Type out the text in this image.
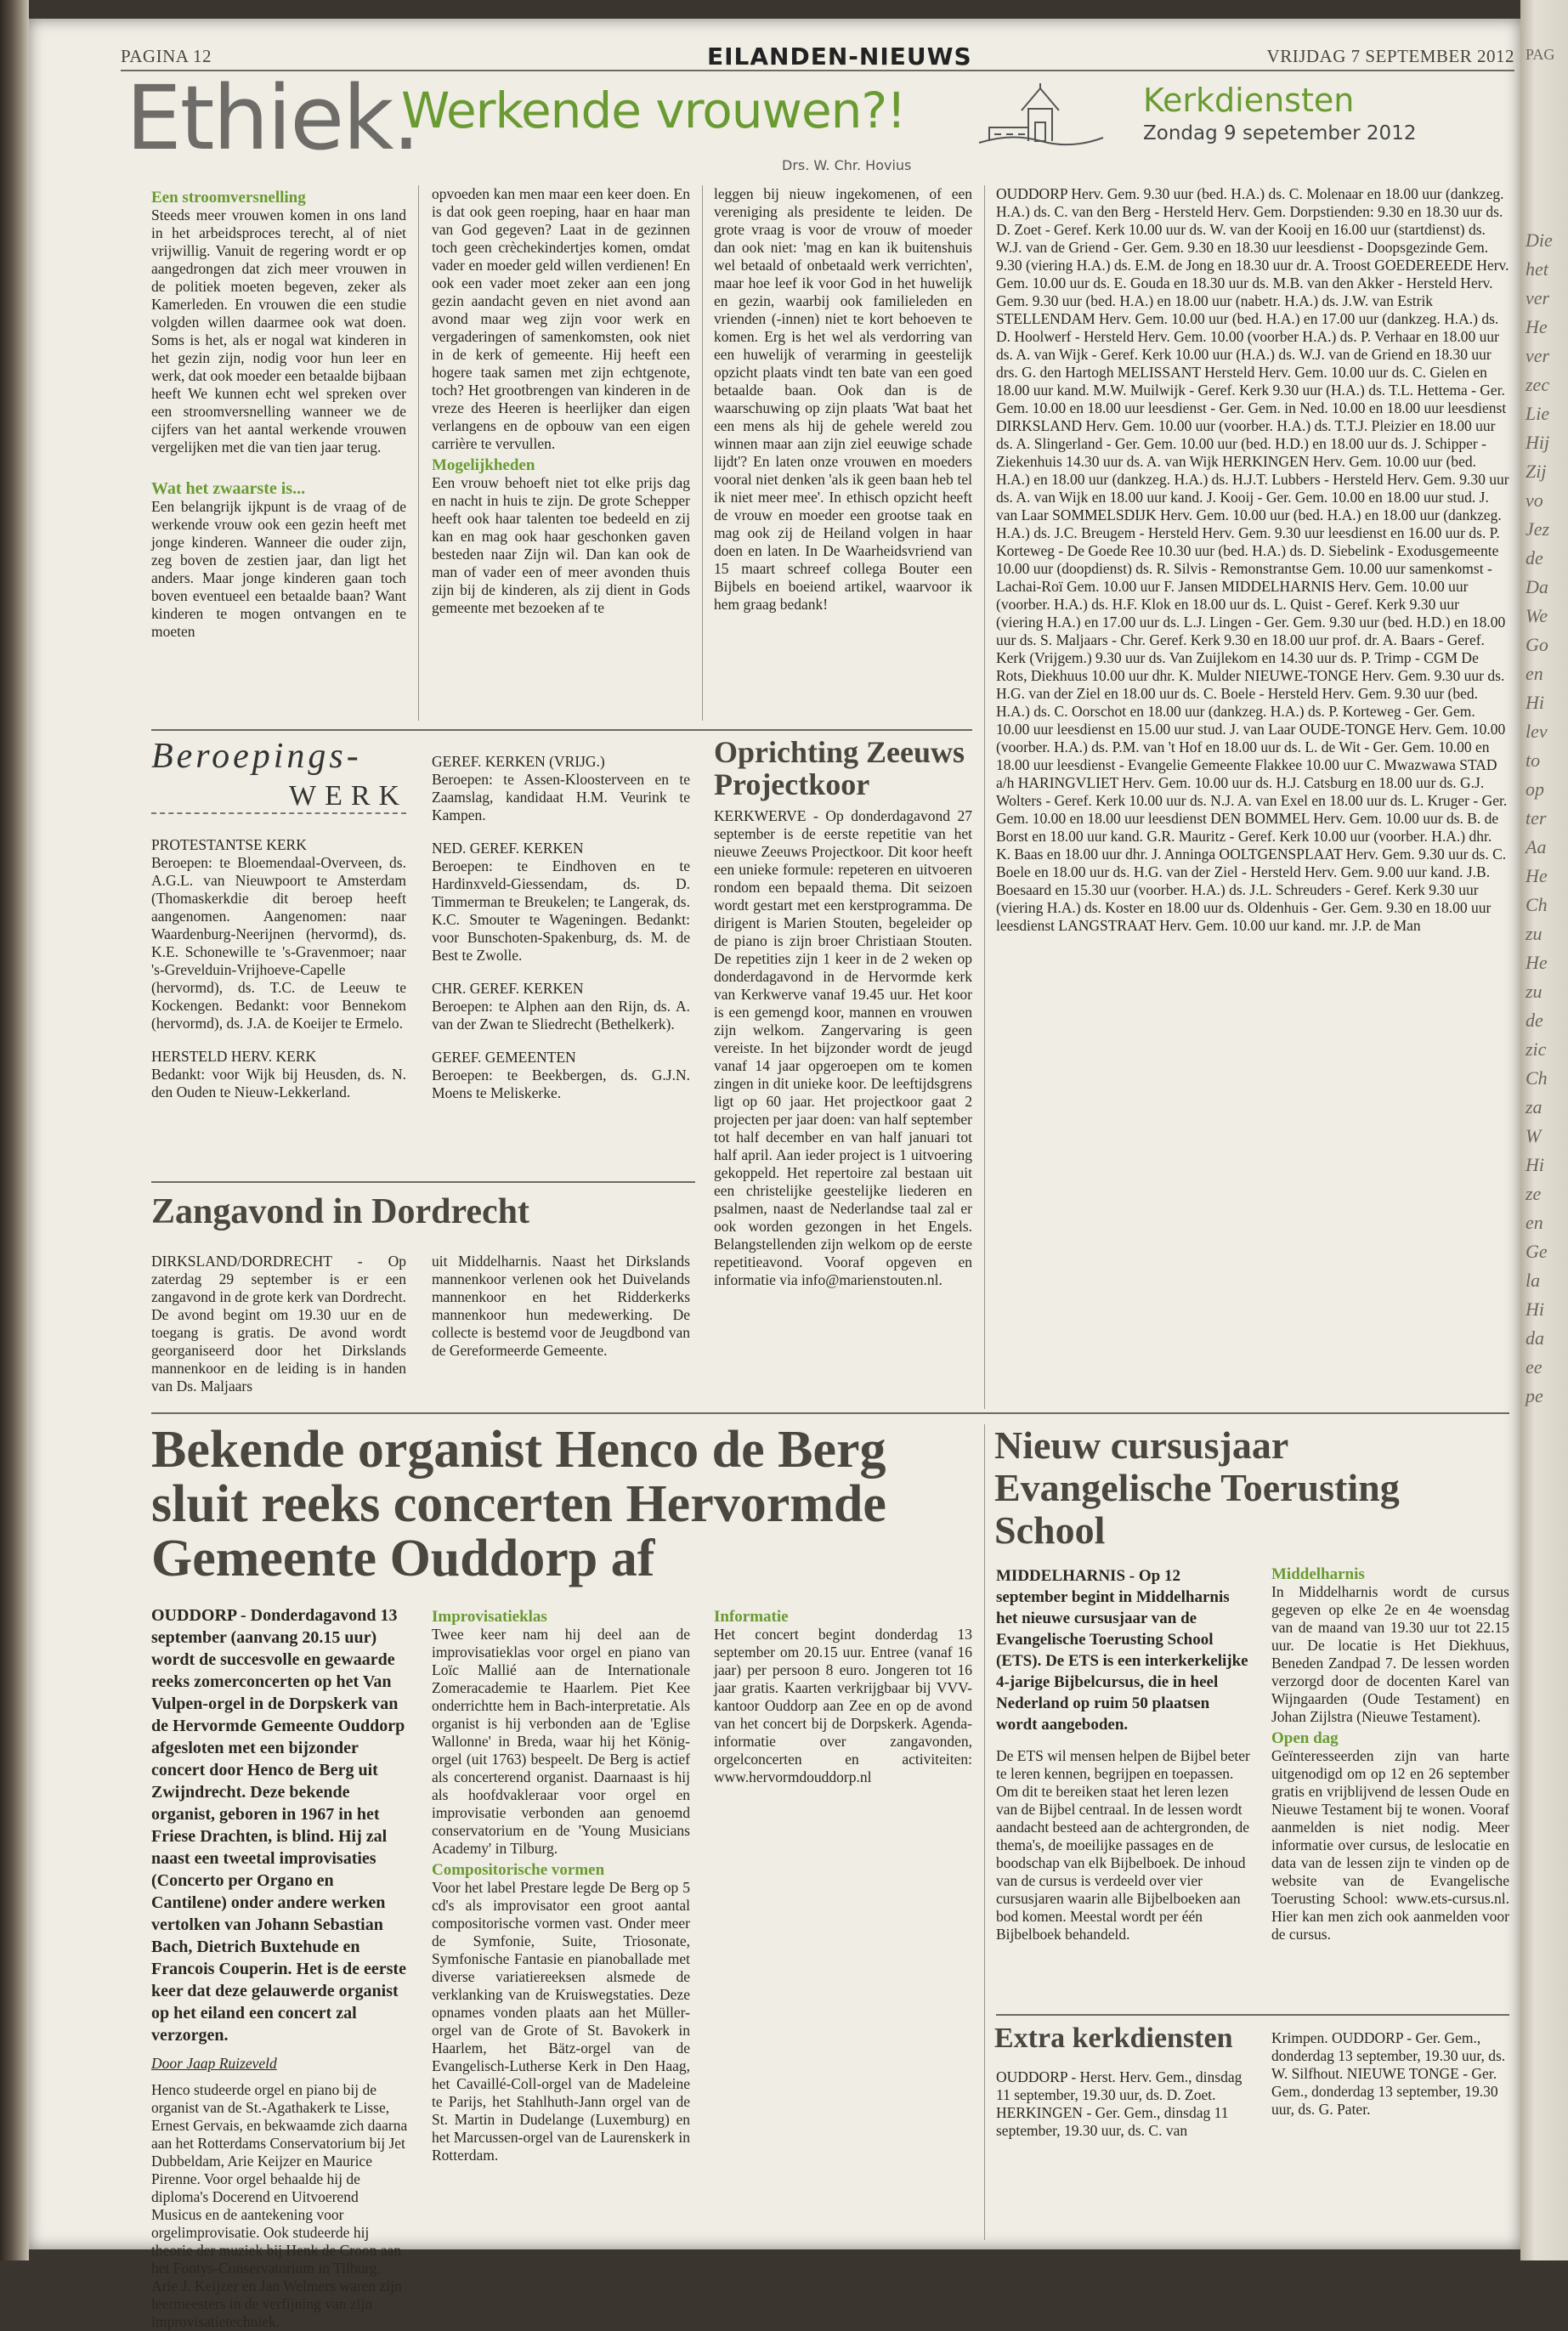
PAG
Die
het
ver
He
ver
zec
Lie
Hij
Zij
vo
Jez
de
Da
We
Go
en
Hi
lev
to
op
ter
Aa
He
Ch
zu
He
zu
de
zic
Ch
za
W
Hi
ze
en
Ge
la
Hi
da
ee
pe
PAGINA 12	EILANDEN-NIEUWS	VRIJDAG 7 SEPTEMBER 2012
Ethiek.
Werkende vrouwen?!
Drs. W. Chr. Hovius
Kerkdiensten
Zondag 9 sepetember 2012
Een stroomversnelling

Steeds meer vrouwen komen in ons land in het arbeidsproces terecht, al of niet vrijwillig. Vanuit de regering wordt er op aangedrongen dat zich meer vrouwen in de politiek moeten begeven, zeker als Kamerleden. En vrouwen die een studie volgden willen daarmee ook wat doen. Soms is het, als er nogal wat kinderen in het gezin zijn, nodig voor hun leer en werk, dat ook moeder een betaalde bijbaan heeft We kunnen echt wel spreken over een stroomversnelling wanneer we de cijfers van het aantal werkende vrouwen vergelijken met die van tien jaar terug.

Wat het zwaarste is...

Een belangrijk ijkpunt is de vraag of de werkende vrouw ook een gezin heeft met jonge kinderen. Wanneer die ouder zijn, zeg boven de zestien jaar, dan ligt het anders. Maar jonge kinderen gaan toch boven eventueel een betaalde baan? Want kinderen te mogen ontvangen en te moeten

opvoeden kan men maar een keer doen. En is dat ook geen roeping, haar en haar man van God gegeven? Laat in de gezinnen toch geen crèchekindertjes komen, omdat vader en moeder geld willen verdienen! En ook een vader moet zeker aan een jong gezin aandacht geven en niet avond aan avond maar weg zijn voor werk en vergaderingen of samenkomsten, ook niet in de kerk of gemeente. Hij heeft een hogere taak samen met zijn echtgenote, toch? Het grootbrengen van kinderen in de vreze des Heeren is heerlijker dan eigen verlangens en de opbouw van een eigen carrière te vervullen.

Mogelijkheden

Een vrouw behoeft niet tot elke prijs dag en nacht in huis te zijn. De grote Schepper heeft ook haar talenten toe bedeeld en zij kan en mag ook haar geschonken gaven besteden naar Zijn wil. Dan kan ook de man of vader een of meer avonden thuis zijn bij de kinderen, als zij dient in Gods gemeente met bezoeken af te

leggen bij nieuw ingekomenen, of een vereniging als presidente te leiden. De grote vraag is voor de vrouw of moeder dan ook niet: 'mag en kan ik buitenshuis wel betaald of onbetaald werk verrichten', maar hoe leef ik voor God in het huwelijk en gezin, waarbij ook familieleden en vrienden (-innen) niet te kort behoeven te komen. Erg is het wel als verdorring van een huwelijk of verarming in geestelijk opzicht plaats vindt ten bate van een goed betaalde baan. Ook dan is de waarschuwing op zijn plaats 'Wat baat het een mens als hij de gehele wereld zou winnen maar aan zijn ziel eeuwige schade lijdt'? En laten onze vrouwen en moeders vooral niet denken 'als ik geen baan heb tel ik niet meer mee'. In ethisch opzicht heeft de vrouw en moeder een grootse taak en mag ook zij de Heiland volgen in haar doen en laten. In De Waarheidsvriend van 15 maart schreef collega Bouter een Bijbels en boeiend artikel, waarvoor ik hem graag bedank!

Beroepings-
WERK
PROTESTANTSE KERK

Beroepen: te Bloemendaal-Overveen, ds. A.G.L. van Nieuwpoort te Amsterdam (Thomaskerkdie dit beroep heeft aangenomen. Aangenomen: naar Waardenburg-Neerijnen (hervormd), ds. K.E. Schonewille te 's-Gravenmoer; naar 's-Grevelduin-Vrijhoeve-Capelle (hervormd), ds. T.C. de Leeuw te Kockengen. Bedankt: voor Bennekom (hervormd), ds. J.A. de Koeijer te Ermelo.

HERSTELD HERV. KERK

Bedankt: voor Wijk bij Heusden, ds. N. den Ouden te Nieuw-Lekkerland.

GEREF. KERKEN (VRIJG.)

Beroepen: te Assen-Kloosterveen en te Zaamslag, kandidaat H.M. Veurink te Kampen.

NED. GEREF. KERKEN

Beroepen: te Eindhoven en te Hardinxveld-Giessendam, ds. D. Timmerman te Breukelen; te Langerak, ds. K.C. Smouter te Wageningen. Bedankt: voor Bunschoten-Spakenburg, ds. M. de Best te Zwolle.

CHR. GEREF. KERKEN

Beroepen: te Alphen aan den Rijn, ds. A. van der Zwan te Sliedrecht (Bethelkerk).

GEREF. GEMEENTEN

Beroepen: te Beekbergen, ds. G.J.N. Moens te Meliskerke.

Oprichting Zeeuws Projectkoor

KERKWERVE - Op donderdagavond 27 september is de eerste repetitie van het nieuwe Zeeuws Projectkoor. Dit koor heeft een unieke formule: repeteren en uitvoeren rondom een bepaald thema. Dit seizoen wordt gestart met een kerstprogramma. De dirigent is Marien Stouten, begeleider op de piano is zijn broer Christiaan Stouten. De repetities zijn 1 keer in de 2 weken op donderdagavond in de Hervormde kerk van Kerkwerve vanaf 19.45 uur. Het koor is een gemengd koor, mannen en vrouwen zijn welkom. Zangervaring is geen vereiste. In het bijzonder wordt de jeugd vanaf 14 jaar opgeroepen om te komen zingen in dit unieke koor. De leeftijdsgrens ligt op 60 jaar. Het projectkoor gaat 2 projecten per jaar doen: van half september tot half december en van half januari tot half april. Aan ieder project is 1 uitvoering gekoppeld. Het repertoire zal bestaan uit een christelijke geestelijke liederen en psalmen, naast de Nederlandse taal zal er ook worden gezongen in het Engels. Belangstellenden zijn welkom op de eerste repetitieavond. Vooraf opgeven en informatie via info@marienstouten.nl.

Zangavond in Dordrecht

DIRKSLAND/DORDRECHT - Op zaterdag 29 september is er een zangavond in de grote kerk van Dordrecht. De avond begint om 19.30 uur en de toegang is gratis. De avond wordt georganiseerd door het Dirkslands mannenkoor en de leiding is in handen van Ds. Maljaars

uit Middelharnis. Naast het Dirkslands mannenkoor verlenen ook het Duivelands mannenkoor en het Ridderkerks mannenkoor hun medewerking. De collecte is bestemd voor de Jeugdbond van de Gereformeerde Gemeente.

OUDDORP Herv. Gem. 9.30 uur (bed. H.A.) ds. C. Molenaar en 18.00 uur (dankzeg. H.A.) ds. C. van den Berg - Hersteld Herv. Gem. Dorpstienden: 9.30 en 18.30 uur ds. D. Zoet - Geref. Kerk 10.00 uur ds. W. van der Kooij en 16.00 uur (startdienst) ds. W.J. van de Griend - Ger. Gem. 9.30 en 18.30 uur leesdienst - Doopsgezinde Gem. 9.30 (viering H.A.) ds. E.M. de Jong en 18.30 uur dr. A. Troost GOEDEREEDE Herv. Gem. 10.00 uur ds. E. Gouda en 18.30 uur ds. M.B. van den Akker - Hersteld Herv. Gem. 9.30 uur (bed. H.A.) en 18.00 uur (nabetr. H.A.) ds. J.W. van Estrik STELLENDAM Herv. Gem. 10.00 uur (bed. H.A.) en 17.00 uur (dankzeg. H.A.) ds. D. Hoolwerf - Hersteld Herv. Gem. 10.00 (voorber H.A.) ds. P. Verhaar en 18.00 uur ds. A. van Wijk - Geref. Kerk 10.00 uur (H.A.) ds. W.J. van de Griend en 18.30 uur drs. G. den Hartogh MELISSANT Hersteld Herv. Gem. 10.00 uur ds. C. Gielen en 18.00 uur kand. M.W. Muilwijk - Geref. Kerk 9.30 uur (H.A.) ds. T.L. Hettema - Ger. Gem. 10.00 en 18.00 uur leesdienst - Ger. Gem. in Ned. 10.00 en 18.00 uur leesdienst DIRKSLAND Herv. Gem. 10.00 uur (voorber. H.A.) ds. T.T.J. Pleizier en 18.00 uur ds. A. Slingerland - Ger. Gem. 10.00 uur (bed. H.D.) en 18.00 uur ds. J. Schipper - Ziekenhuis 14.30 uur ds. A. van Wijk HERKINGEN Herv. Gem. 10.00 uur (bed. H.A.) en 18.00 uur (dankzeg. H.A.) ds. H.J.T. Lubbers - Hersteld Herv. Gem. 9.30 uur ds. A. van Wijk en 18.00 uur kand. J. Kooij - Ger. Gem. 10.00 en 18.00 uur stud. J. van Laar SOMMELSDIJK Herv. Gem. 10.00 uur (bed. H.A.) en 18.00 uur (dankzeg. H.A.) ds. J.C. Breugem - Hersteld Herv. Gem. 9.30 uur leesdienst en 16.00 uur ds. P. Korteweg - De Goede Ree 10.30 uur (bed. H.A.) ds. D. Siebelink - Exodusgemeente 10.00 uur (doopdienst) ds. R. Silvis - Remonstrantse Gem. 10.00 uur samenkomst - Lachai-Roï Gem. 10.00 uur F. Jansen MIDDELHARNIS Herv. Gem. 10.00 uur (voorber. H.A.) ds. H.F. Klok en 18.00 uur ds. L. Quist - Geref. Kerk 9.30 uur (viering H.A.) en 17.00 uur ds. L.J. Lingen - Ger. Gem. 9.30 uur (bed. H.D.) en 18.00 uur ds. S. Maljaars - Chr. Geref. Kerk 9.30 en 18.00 uur prof. dr. A. Baars - Geref. Kerk (Vrijgem.) 9.30 uur ds. Van Zuijlekom en 14.30 uur ds. P. Trimp - CGM De Rots, Diekhuus 10.00 uur dhr. K. Mulder NIEUWE-TONGE Herv. Gem. 9.30 uur ds. H.G. van der Ziel en 18.00 uur ds. C. Boele - Hersteld Herv. Gem. 9.30 uur (bed. H.A.) ds. C. Oorschot en 18.00 uur (dankzeg. H.A.) ds. P. Korteweg - Ger. Gem. 10.00 uur leesdienst en 15.00 uur stud. J. van Laar OUDE-TONGE Herv. Gem. 10.00 (voorber. H.A.) ds. P.M. van 't Hof en 18.00 uur ds. L. de Wit - Ger. Gem. 10.00 en 18.00 uur leesdienst - Evangelie Gemeente Flakkee 10.00 uur C. Mwazwawa STAD a/h HARINGVLIET Herv. Gem. 10.00 uur ds. H.J. Catsburg en 18.00 uur ds. G.J. Wolters - Geref. Kerk 10.00 uur ds. N.J. A. van Exel en 18.00 uur ds. L. Kruger - Ger. Gem. 10.00 en 18.00 uur leesdienst DEN BOMMEL Herv. Gem. 10.00 uur ds. B. de Borst en 18.00 uur kand. G.R. Mauritz - Geref. Kerk 10.00 uur (voorber. H.A.) dhr. K. Baas en 18.00 uur dhr. J. Anninga OOLTGENSPLAAT Herv. Gem. 9.30 uur ds. C. Boele en 18.00 uur ds. H.G. van der Ziel - Hersteld Herv. Gem. 9.00 uur kand. J.B. Boesaard en 15.30 uur (voorber. H.A.) ds. J.L. Schreuders - Geref. Kerk 9.30 uur (viering H.A.) ds. Koster en 18.00 uur ds. Oldenhuis - Ger. Gem. 9.30 en 18.00 uur leesdienst LANGSTRAAT Herv. Gem. 10.00 uur kand. mr. J.P. de Man

Bekende organist Henco de Berg sluit reeks concerten Hervormde Gemeente Ouddorp af

OUDDORP - Donderdagavond 13 september (aanvang 20.15 uur) wordt de succesvolle en gewaarde reeks zomerconcerten op het Van Vulpen-orgel in de Dorpskerk van de Hervormde Gemeente Ouddorp afgesloten met een bijzonder concert door Henco de Berg uit Zwijndrecht. Deze bekende organist, geboren in 1967 in het Friese Drachten, is blind. Hij zal naast een tweetal improvisaties (Concerto per Organo en Cantilene) onder andere werken vertolken van Johann Sebastian Bach, Dietrich Buxtehude en Francois Couperin. Het is de eerste keer dat deze gelauwerde organist op het eiland een concert zal verzorgen.

Door Jaap Ruizeveld

Henco studeerde orgel en piano bij de organist van de St.-Agathakerk te Lisse, Ernest Gervais, en bekwaamde zich daarna aan het Rotterdams Conservatorium bij Jet Dubbeldam, Arie Keijzer en Maurice Pirenne. Voor orgel behaalde hij de diploma's Docerend en Uitvoerend Musicus en de aantekening voor orgelimprovisatie. Ook studeerde hij theorie der muziek bij Henk de Croon aan het Fontys-Conservatorium in Tilburg. Arie J. Keijzer en Jan Welmers waren zijn leermeesters in de verfijning van zijn improvisatietechniek.

Improvisatieklas

Twee keer nam hij deel aan de improvisatieklas voor orgel en piano van Loïc Mallié aan de Internationale Zomeracademie te Haarlem. Piet Kee onderrichtte hem in Bach-interpretatie. Als organist is hij verbonden aan de 'Eglise Wallonne' in Breda, waar hij het König-orgel (uit 1763) bespeelt. De Berg is actief als concerterend organist. Daarnaast is hij als hoofdvakleraar voor orgel en improvisatie verbonden aan genoemd conservatorium en de 'Young Musicians Academy' in Tilburg.

Compositorische vormen

Voor het label Prestare legde De Berg op 5 cd's als improvisator een groot aantal compositorische vormen vast. Onder meer de Symfonie, Suite, Triosonate, Symfonische Fantasie en pianoballade met diverse variatiereeksen alsmede de verklanking van de Kruiswegstaties. Deze opnames vonden plaats aan het Müller-orgel van de Grote of St. Bavokerk in Haarlem, het Bätz-orgel van de Evangelisch-Lutherse Kerk in Den Haag, het Cavaillé-Coll-orgel van de Madeleine te Parijs, het Stahlhuth-Jann orgel van de St. Martin in Dudelange (Luxemburg) en het Marcussen-orgel van de Laurenskerk in Rotterdam.

Informatie

Het concert begint donderdag 13 september om 20.15 uur. Entree (vanaf 16 jaar) per persoon 8 euro. Jongeren tot 16 jaar gratis. Kaarten verkrijgbaar bij VVV-kantoor Ouddorp aan Zee en op de avond van het concert bij de Dorpskerk. Agenda-informatie over zangavonden, orgelconcerten en activiteiten: www.hervormdouddorp.nl

Nieuw cursusjaar Evangelische Toerusting School

MIDDELHARNIS - Op 12 september begint in Middelharnis het nieuwe cursusjaar van de Evangelische Toerusting School (ETS). De ETS is een interkerkelijke 4-jarige Bijbelcursus, die in heel Nederland op ruim 50 plaatsen wordt aangeboden.

De ETS wil mensen helpen de Bijbel beter te leren kennen, begrijpen en toepassen. Om dit te bereiken staat het leren lezen van de Bijbel centraal. In de lessen wordt aandacht besteed aan de achtergronden, de thema's, de moeilijke passages en de boodschap van elk Bijbelboek. De inhoud van de cursus is verdeeld over vier cursusjaren waarin alle Bijbelboeken aan bod komen. Meestal wordt per één Bijbelboek behandeld.

Middelharnis

In Middelharnis wordt de cursus gegeven op elke 2e en 4e woensdag van de maand van 19.30 uur tot 22.15 uur. De locatie is Het Diekhuus, Beneden Zandpad 7. De lessen worden verzorgd door de docenten Karel van Wijngaarden (Oude Testament) en Johan Zijlstra (Nieuwe Testament).

Open dag

Geïnteresseerden zijn van harte uitgenodigd om op 12 en 26 september gratis en vrijblijvend de lessen Oude en Nieuwe Testament bij te wonen. Vooraf aanmelden is niet nodig. Meer informatie over cursus, de leslocatie en data van de lessen zijn te vinden op de website van de Evangelische Toerusting School: www.ets-cursus.nl. Hier kan men zich ook aanmelden voor de cursus.

Extra kerkdiensten

OUDDORP - Herst. Herv. Gem., dinsdag 11 september, 19.30 uur, ds. D. Zoet. HERKINGEN - Ger. Gem., dinsdag 11 september, 19.30 uur, ds. C. van

Krimpen. OUDDORP - Ger. Gem., donderdag 13 september, 19.30 uur, ds. W. Silfhout. NIEUWE TONGE - Ger. Gem., donderdag 13 september, 19.30 uur, ds. G. Pater.
